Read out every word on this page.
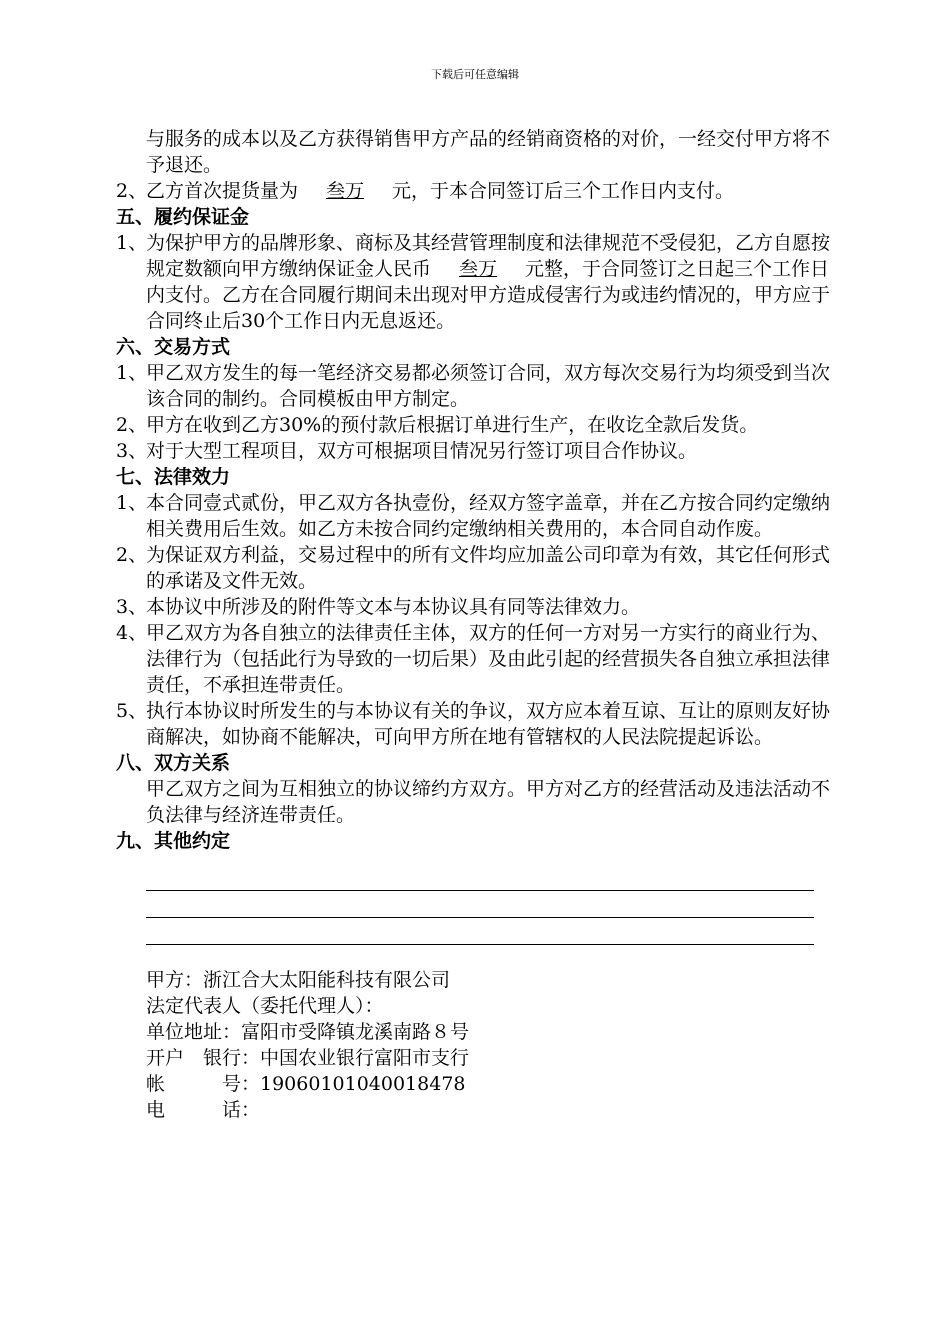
下载后可任意编辑

与服务的成本以及乙方获得销售甲方产品的经销商资格的对价，一经交付甲方将不予退还。

2、
乙方首次提货量为 叁万 元，于本合同签订后三个工作日内支付。

五、履约保证金

1、
为保护甲方的品牌形象、商标及其经营管理制度和法律规范不受侵犯，乙方自愿按规定数额向甲方缴纳保证金人民币 叁万 元整，于合同签订之日起三个工作日内支付。乙方在合同履行期间未出现对甲方造成侵害行为或违约情况的，甲方应于合同终止后30个工作日内无息返还。

六、交易方式

1、
甲乙双方发生的每一笔经济交易都必须签订合同，双方每次交易行为均须受到当次该合同的制约。合同模板由甲方制定。
2、
甲方在收到乙方30%的预付款后根据订单进行生产，在收讫全款后发货。
3、
对于大型工程项目，双方可根据项目情况另行签订项目合作协议。

七、法律效力

1、
本合同壹式贰份，甲乙双方各执壹份，经双方签字盖章，并在乙方按合同约定缴纳相关费用后生效。如乙方未按合同约定缴纳相关费用的，本合同自动作废。
2、
为保证双方利益，交易过程中的所有文件均应加盖公司印章为有效，其它任何形式的承诺及文件无效。
3、
本协议中所涉及的附件等文本与本协议具有同等法律效力。
4、
甲乙双方为各自独立的法律责任主体，双方的任何一方对另一方实行的商业行为、法律行为（包括此行为导致的一切后果）及由此引起的经营损失各自独立承担法律责任，不承担连带责任。
5、
执行本协议时所发生的与本协议有关的争议，双方应本着互谅、互让的原则友好协商解决，如协商不能解决，可向甲方所在地有管辖权的人民法院提起诉讼。

八、双方关系

甲乙双方之间为互相独立的协议缔约方双方。甲方对乙方的经营活动及违法活动不负法律与经济连带责任。

九、其他约定

甲方：浙江合大太阳能科技有限公司

法定代表人（委托代理人）：

单位地址：富阳市受降镇龙溪南路８号

开户　银行：中国农业银行富阳市支行

帐　　　号：19060101040018478

电　　　话：
